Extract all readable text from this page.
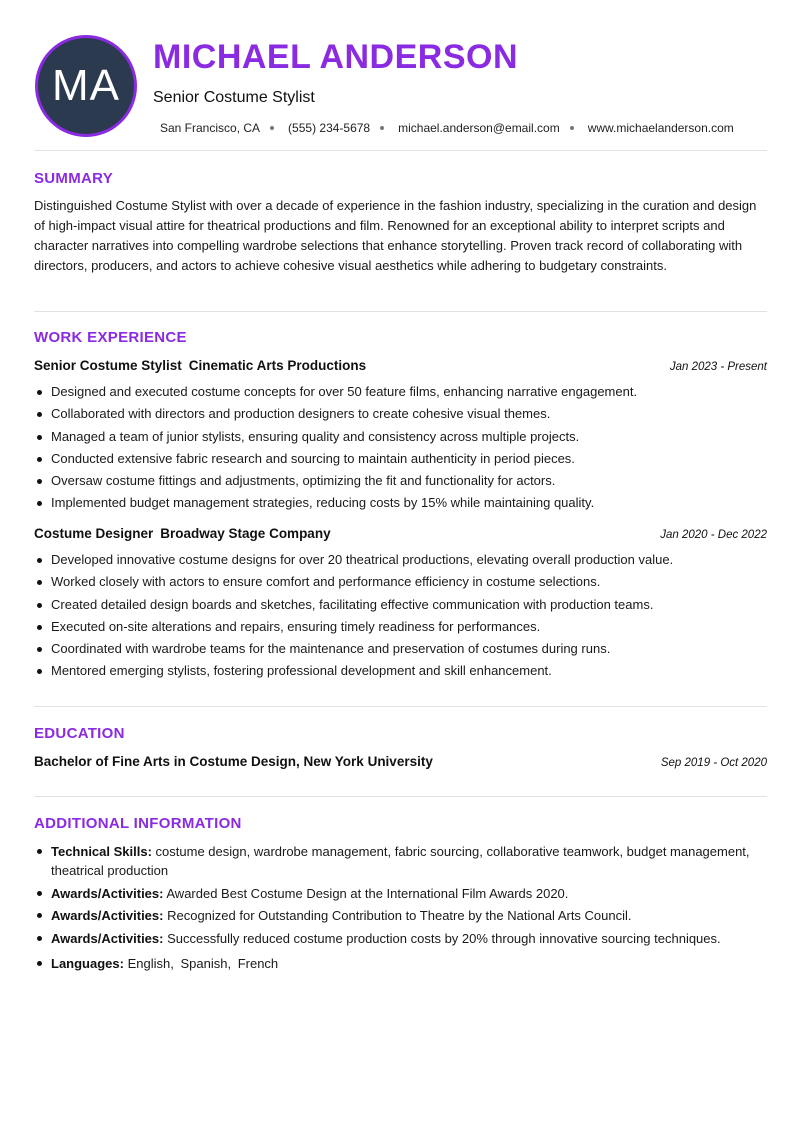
MA
MICHAEL ANDERSON
Senior Costume Stylist
San Francisco, CA (555) 234-5678 michael.anderson@email.com www.michaelanderson.com
SUMMARY

Distinguished Costume Stylist with over a decade of experience in the fashion industry, specializing in the curation and design of high-impact visual attire for theatrical productions and film. Renowned for an exceptional ability to interpret scripts and character narratives into compelling wardrobe selections that enhance storytelling. Proven track record of collaborating with directors, producers, and actors to achieve cohesive visual aesthetics while adhering to budgetary constraints.

WORK EXPERIENCE
Senior Costume Stylist Cinematic Arts Productions	Jan 2023 - Present
Designed and executed costume concepts for over 50 feature films, enhancing narrative engagement.
Collaborated with directors and production designers to create cohesive visual themes.
Managed a team of junior stylists, ensuring quality and consistency across multiple projects.
Conducted extensive fabric research and sourcing to maintain authenticity in period pieces.
Oversaw costume fittings and adjustments, optimizing the fit and functionality for actors.
Implemented budget management strategies, reducing costs by 15% while maintaining quality.
Costume Designer Broadway Stage Company	Jan 2020 - Dec 2022
Developed innovative costume designs for over 20 theatrical productions, elevating overall production value.
Worked closely with actors to ensure comfort and performance efficiency in costume selections.
Created detailed design boards and sketches, facilitating effective communication with production teams.
Executed on-site alterations and repairs, ensuring timely readiness for performances.
Coordinated with wardrobe teams for the maintenance and preservation of costumes during runs.
Mentored emerging stylists, fostering professional development and skill enhancement.
EDUCATION
Bachelor of Fine Arts in Costume Design, New York University	Sep 2019 - Oct 2020
ADDITIONAL INFORMATION
Technical Skills: costume design, wardrobe management, fabric sourcing, collaborative teamwork, budget management, theatrical production
Awards/Activities: Awarded Best Costume Design at the International Film Awards 2020.
Awards/Activities: Recognized for Outstanding Contribution to Theatre by the National Arts Council.
Awards/Activities: Successfully reduced costume production costs by 20% through innovative sourcing techniques.
Languages: English, Spanish, French
